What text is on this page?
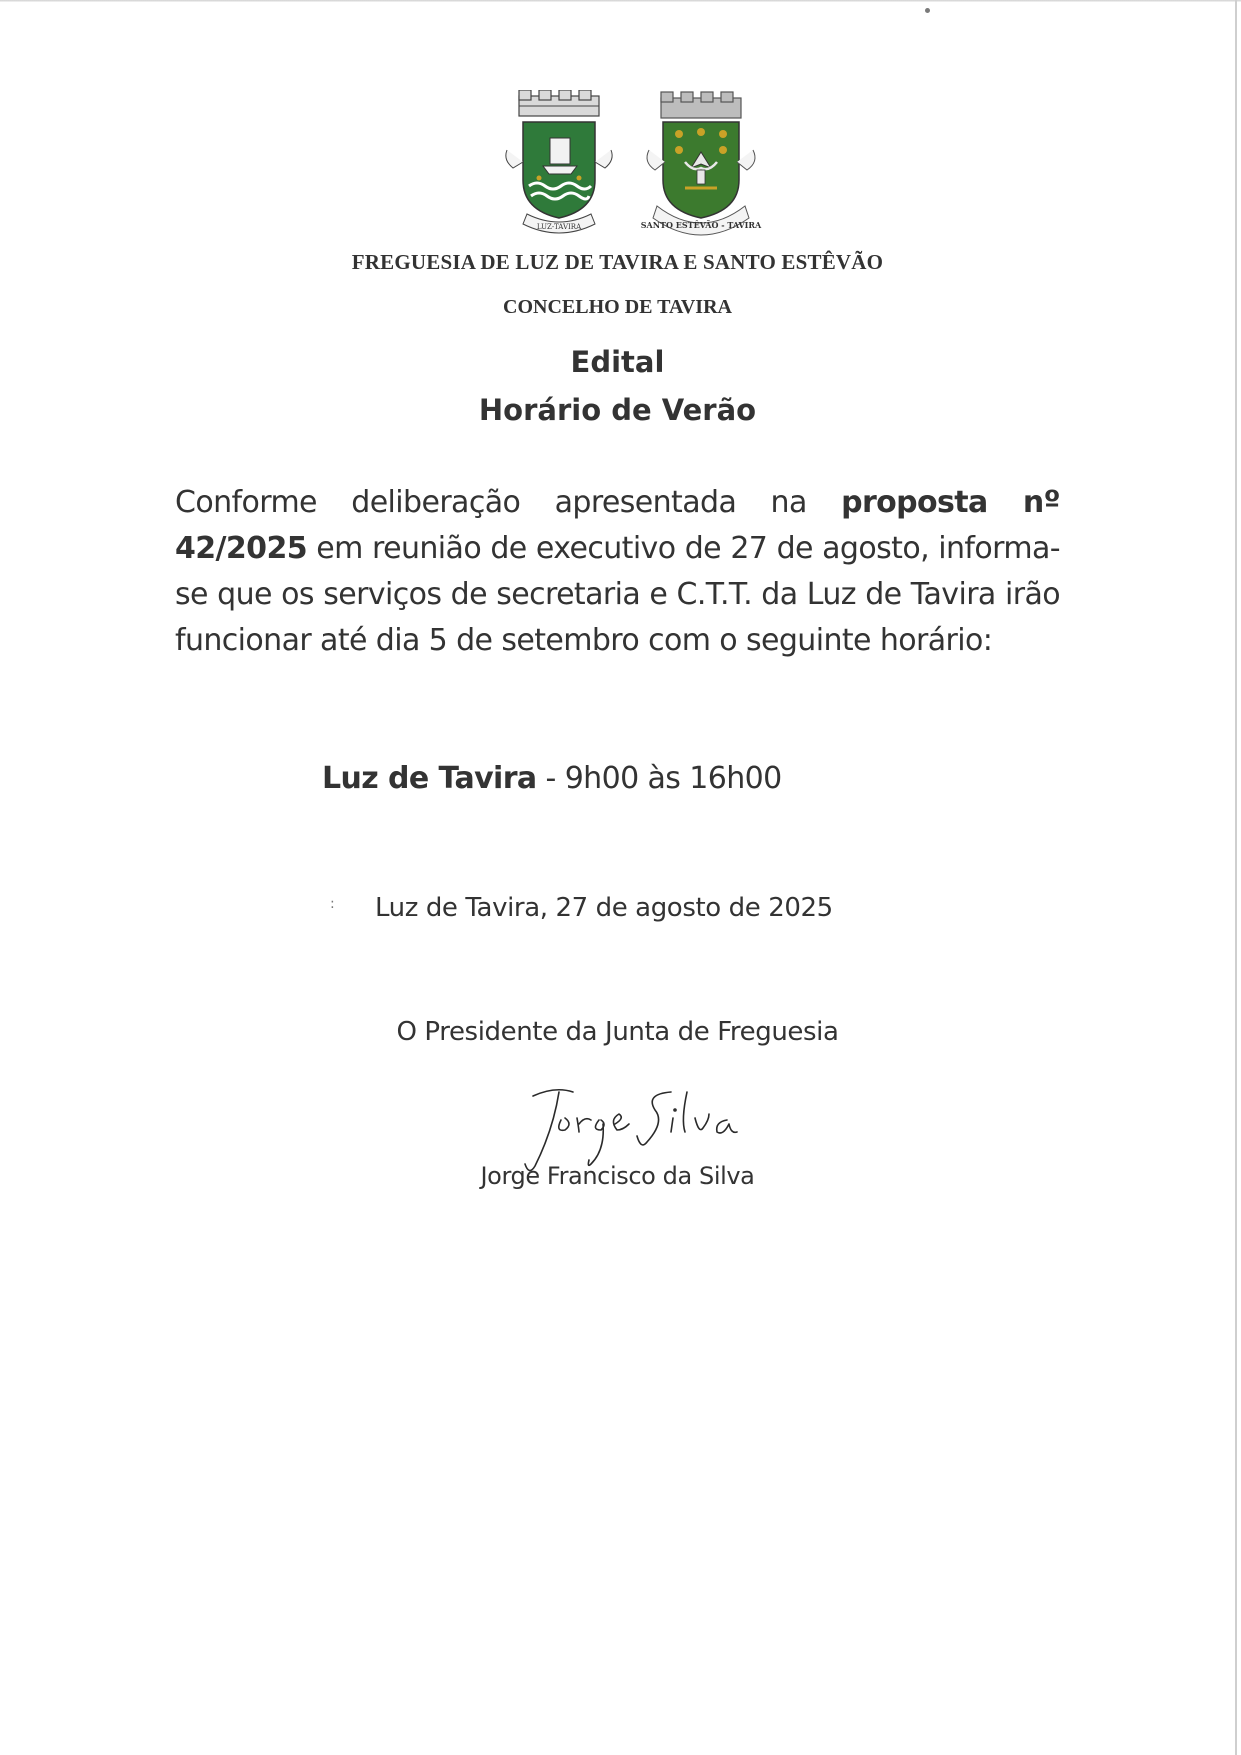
LUZ-TAVIRA	SANTO ESTÊVÃO - TAVIRA
FREGUESIA DE LUZ DE TAVIRA E SANTO ESTÊVÃO
CONCELHO DE TAVIRA
Edital
Horário de Verão
Conforme deliberação apresentada na proposta nº 42/2025 em reunião de executivo de 27 de agosto, informa-se que os serviços de secretaria e C.T.T. da Luz de Tavira irão funcionar até dia 5 de setembro com o seguinte horário:
Luz de Tavira - 9h00 às 16h00
: Luz de Tavira, 27 de agosto de 2025
O Presidente da Junta de Freguesia
Jorge Francisco da Silva
